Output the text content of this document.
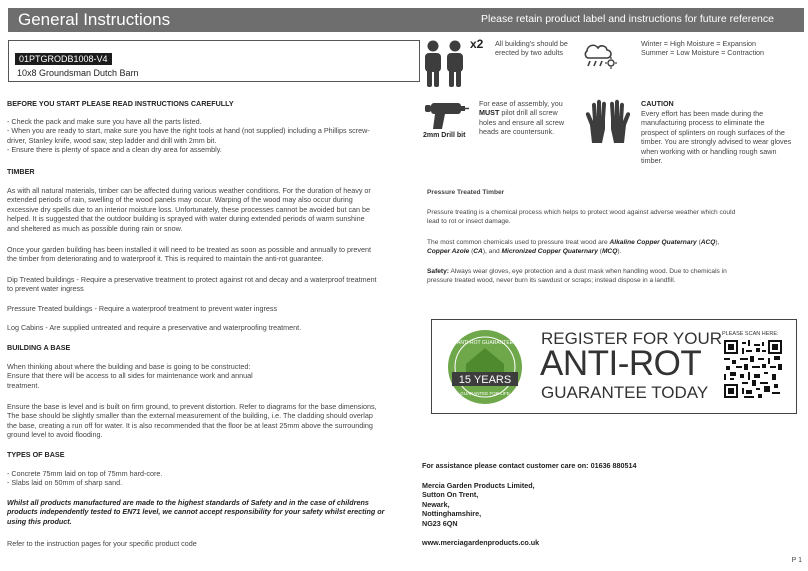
General Instructions	Please retain product label and instructions for future reference
01PTGRODB1008-V4
10x8 Groundsman Dutch Barn
BEFORE YOU START PLEASE READ INSTRUCTIONS CAREFULLY
- Check the pack and make sure you have all the parts listed.
- When you are ready to start, make sure you have the right tools at hand (not supplied) including a Phillips screw-
driver, Stanley knife, wood saw, step ladder and drill with 2mm bit.
- Ensure there is plenty of space and a clean dry area for assembly.
TIMBER
As with all natural materials, timber can be affected during various weather conditions. For the duration of heavy or
extended periods of rain, swelling of the wood panels may occur. Warping of the wood may also occur during
excessive dry spells due to an interior moisture loss. Unfortunately, these processes cannot be avoided but can be
helped. It is suggested that the outdoor building is sprayed with water during extended periods of warm sunshine
and sheltered as much as possible during rain or snow.
Once your garden building has been installed it will need to be treated as soon as possible and annually to prevent
the timber from deteriorating and to waterproof it. This is required to maintain the anti-rot guarantee.
Dip Treated buildings - Require a preservative treatment to protect against rot and decay and a waterproof treatment
to prevent water ingress
Pressure Treated buildings - Require a waterproof treatment to prevent water ingress
Log Cabins - Are supplied untreated and require a preservative and waterproofing treatment.
BUILDING A BASE
When thinking about where the building and base is going to be constructed:
Ensure that there will be access to all sides for maintenance work and annual
treatment.
Ensure the base is level and is built on firm ground, to prevent distortion. Refer to diagrams for the base dimensions,
The base should be slightly smaller than the external measurement of the building, i.e. The cladding should overlap
the base, creating a run off for water. It is also recommended that the floor be at least 25mm above the surrounding
ground level to avoid flooding.
TYPES OF BASE
- Concrete 75mm laid on top of 75mm hard-core.
- Slabs laid on 50mm of sharp sand.
Whilst all products manufactured are made to the highest standards of Safety and in the case of childrens
products independently tested to EN71 level, we cannot accept responsibility for your safety whilst erecting or
using this product.
Refer to the instruction pages for your specific product code
x2 All building's should be
erected by two adults
Winter = High Moisture = Expansion
Summer = Low Moisture = Contraction
2mm Drill bit
For ease of assembly, you
MUST pilot drill all screw
holes and ensure all screw
heads are countersunk.
CAUTION
Every effort has been made during the
manufacturing process to eliminate the
prospect of splinters on rough surfaces of the
timber. You are strongly advised to wear gloves
when working with or handling rough sawn
timber.
Pressure Treated Timber
Pressure treating is a chemical process which helps to protect wood against adverse weather which could
lead to rot or insect damage.
The most common chemicals used to pressure treat wood are Alkaline Copper Quaternary (ACQ),
Copper Azole (CA), and Micronized Copper Quaternary (MCQ).
Safety: Always wear gloves, eye protection and a dust mask when handling wood. Due to chemicals in
pressure treated wood, never burn its sawdust or scraps; instead dispose in a landfill.
15 YEARS
ANTI-ROT GUARANTEE
GUARANTEE FOR LIFE
REGISTER FOR YOUR
ANTI-ROT
GUARANTEE TODAY
PLEASE SCAN HERE:
For assistance please contact customer care on: 01636 880514
Mercia Garden Products Limited,
Sutton On Trent,
Newark,
Nottinghamshire,
NG23 6QN
www.merciagardenproducts.co.uk
P 1
